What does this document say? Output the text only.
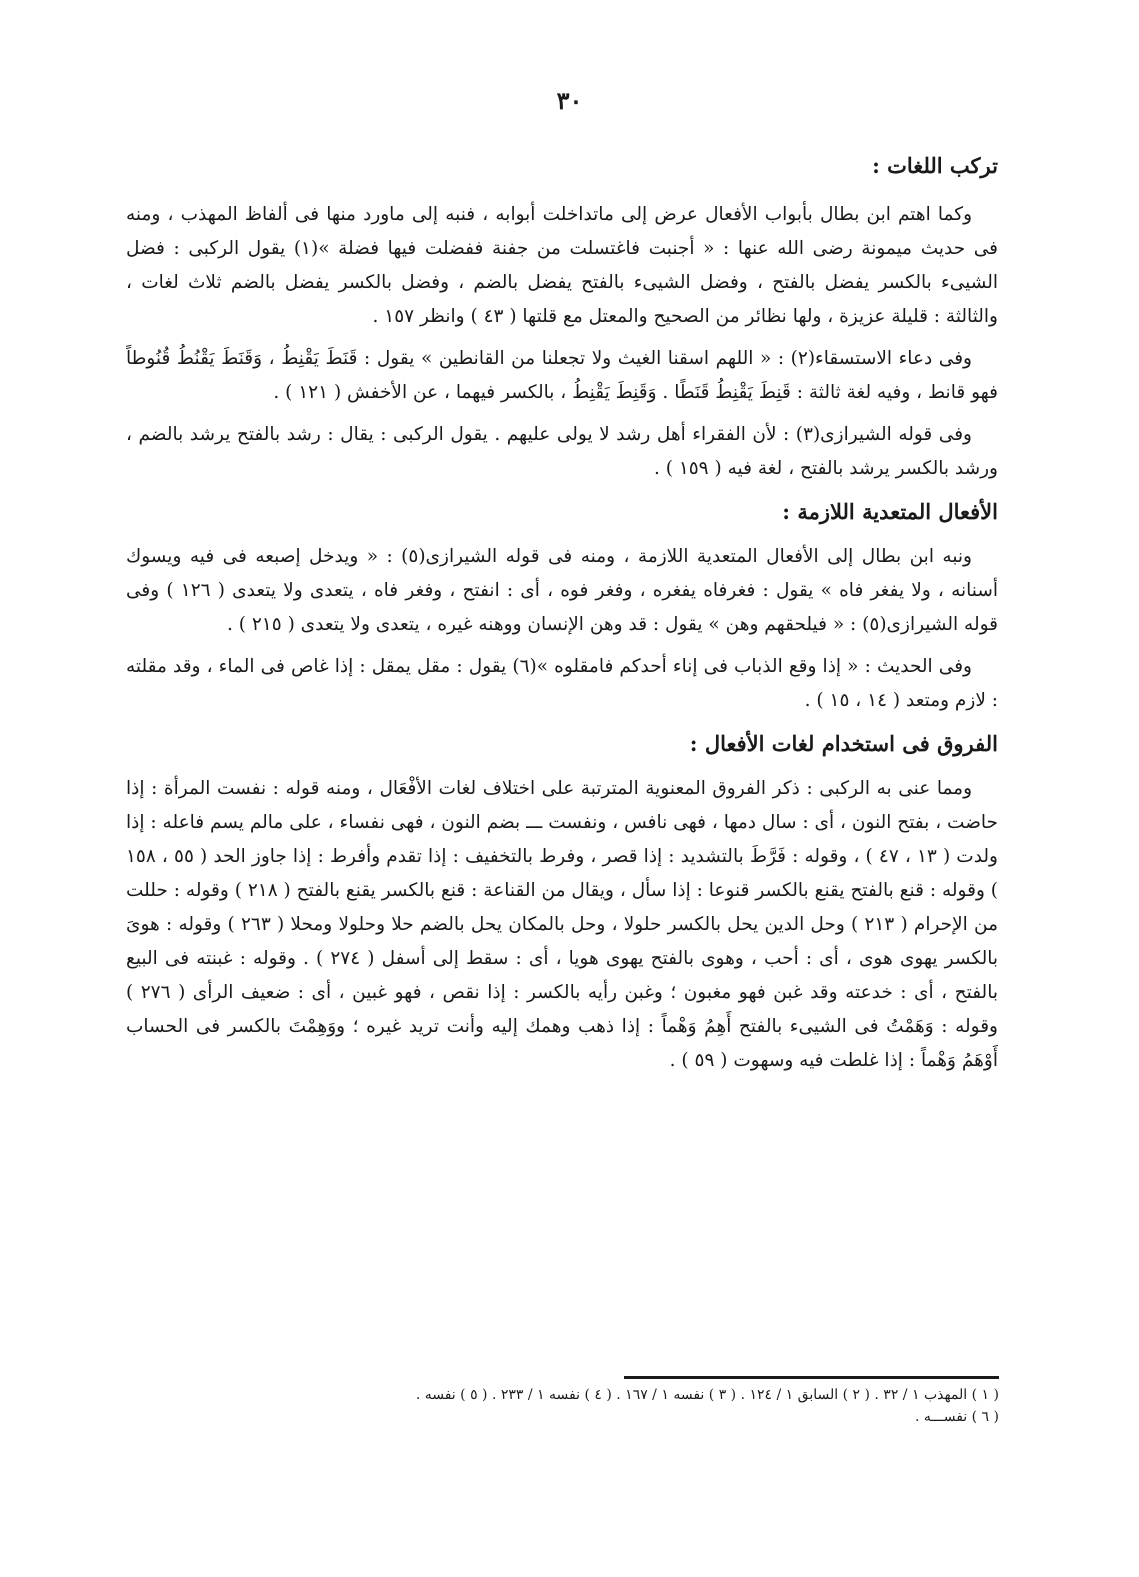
٣٠
تركب اللغات :

وكما اهتم ابن بطال بأبواب الأفعال عرض إلى ماتداخلت أبوابه ، فنبه إلى ماورد منها فى ألفاظ المهذب ، ومنه فى حديث ميمونة رضى الله عنها : « أجنبت فاغتسلت من جفنة ففضلت فيها فضلة »(١) يقول الركبى : فضل الشيىء بالكسر يفضل بالفتح ، وفضل الشيىء بالفتح يفضل بالضم ، وفضل بالكسر يفضل بالضم ثلاث لغات ، والثالثة : قليلة عزيزة ، ولها نظائر من الصحيح والمعتل مع قلتها ( ٤٣ ) وانظر ١٥٧ .

وفى دعاء الاستسقاء(٢) : « اللهم اسقنا الغيث ولا تجعلنا من القانطين » يقول : قَنَطَ يَقْنِطُ ، وَقَنَطَ يَقْنُطُ قُنُوطاً فهو قانط ، وفيه لغة ثالثة : قَنِطَ يَقْنِطُ قَنَطًا . وَقَنِطَ يَقْنِطُ ، بالكسر فيهما ، عن الأخفش ( ١٢١ ) .

وفى قوله الشيرازى(٣) : لأن الفقراء أهل رشد لا يولى عليهم . يقول الركبى : يقال : رشد بالفتح يرشد بالضم ، ورشد بالكسر يرشد بالفتح ، لغة فيه ( ١٥٩ ) .

الأفعال المتعدية اللازمة :

ونبه ابن بطال إلى الأفعال المتعدية اللازمة ، ومنه فى قوله الشيرازى(٥) : « ويدخل إصبعه فى فيه ويسوك أسنانه ، ولا يفغر فاه » يقول : فغرفاه يفغره ، وفغر فوه ، أى : انفتح ، وفغر فاه ، يتعدى ولا يتعدى ( ١٢٦ ) وفى قوله الشيرازى(٥) : « فيلحقهم وهن » يقول : قد وهن الإنسان ووهنه غيره ، يتعدى ولا يتعدى ( ٢١٥ ) .

وفى الحديث : « إذا وقع الذباب فى إناء أحدكم فامقلوه »(٦) يقول : مقل يمقل : إذا غاص فى الماء ، وقد مقلته : لازم ومتعد ( ١٤ ، ١٥ ) .

الفروق فى استخدام لغات الأفعال :

ومما عنى به الركبى : ذكر الفروق المعنوية المترتبة على اختلاف لغات الأفْعَال ، ومنه قوله : نفست المرأة : إذا حاضت ، بفتح النون ، أى : سال دمها ، فهى نافس ، ونفست ـــ بضم النون ، فهى نفساء ، على مالم يسم فاعله : إذا ولدت ( ١٣ ، ٤٧ ) ، وقوله : فَرَّطَ بالتشديد : إذا قصر ، وفرط بالتخفيف : إذا تقدم وأفرط : إذا جاوز الحد ( ٥٥ ، ١٥٨ ) وقوله : قنع بالفتح يقنع بالكسر قنوعا : إذا سأل ، ويقال من القناعة : قنع بالكسر يقنع بالفتح ( ٢١٨ ) وقوله : حللت من الإحرام ( ٢١٣ ) وحل الدين يحل بالكسر حلولا ، وحل بالمكان يحل بالضم حلا وحلولا ومحلا ( ٢٦٣ ) وقوله : هوىَ بالكسر يهوى هوى ، أى : أحب ، وهوى بالفتح يهوى هويا ، أى : سقط إلى أسفل ( ٢٧٤ ) . وقوله : غبنته فى البيع بالفتح ، أى : خدعته وقد غبن فهو مغبون ؛ وغبن رأيه بالكسر : إذا نقص ، فهو غبين ، أى : ضعيف الرأى ( ٢٧٦ ) وقوله : وَهَمْتُ فى الشيىء بالفتح أَهِمُ وَهْماً : إذا ذهب وهمك إليه وأنت تريد غيره ؛ ووَهِمْتَ بالكسر فى الحساب أَوْهَمُ وَهْماً : إذا غلطت فيه وسهوت ( ٥٩ ) .

( ١ ) المهذب ١ / ٣٢ . ( ٢ ) السابق ١ / ١٢٤ . ( ٣ ) نفسه ١ / ١٦٧ . ( ٤ ) نفسه ١ / ٢٣٣ . ( ٥ ) نفسه .
( ٦ ) نفســـه .
